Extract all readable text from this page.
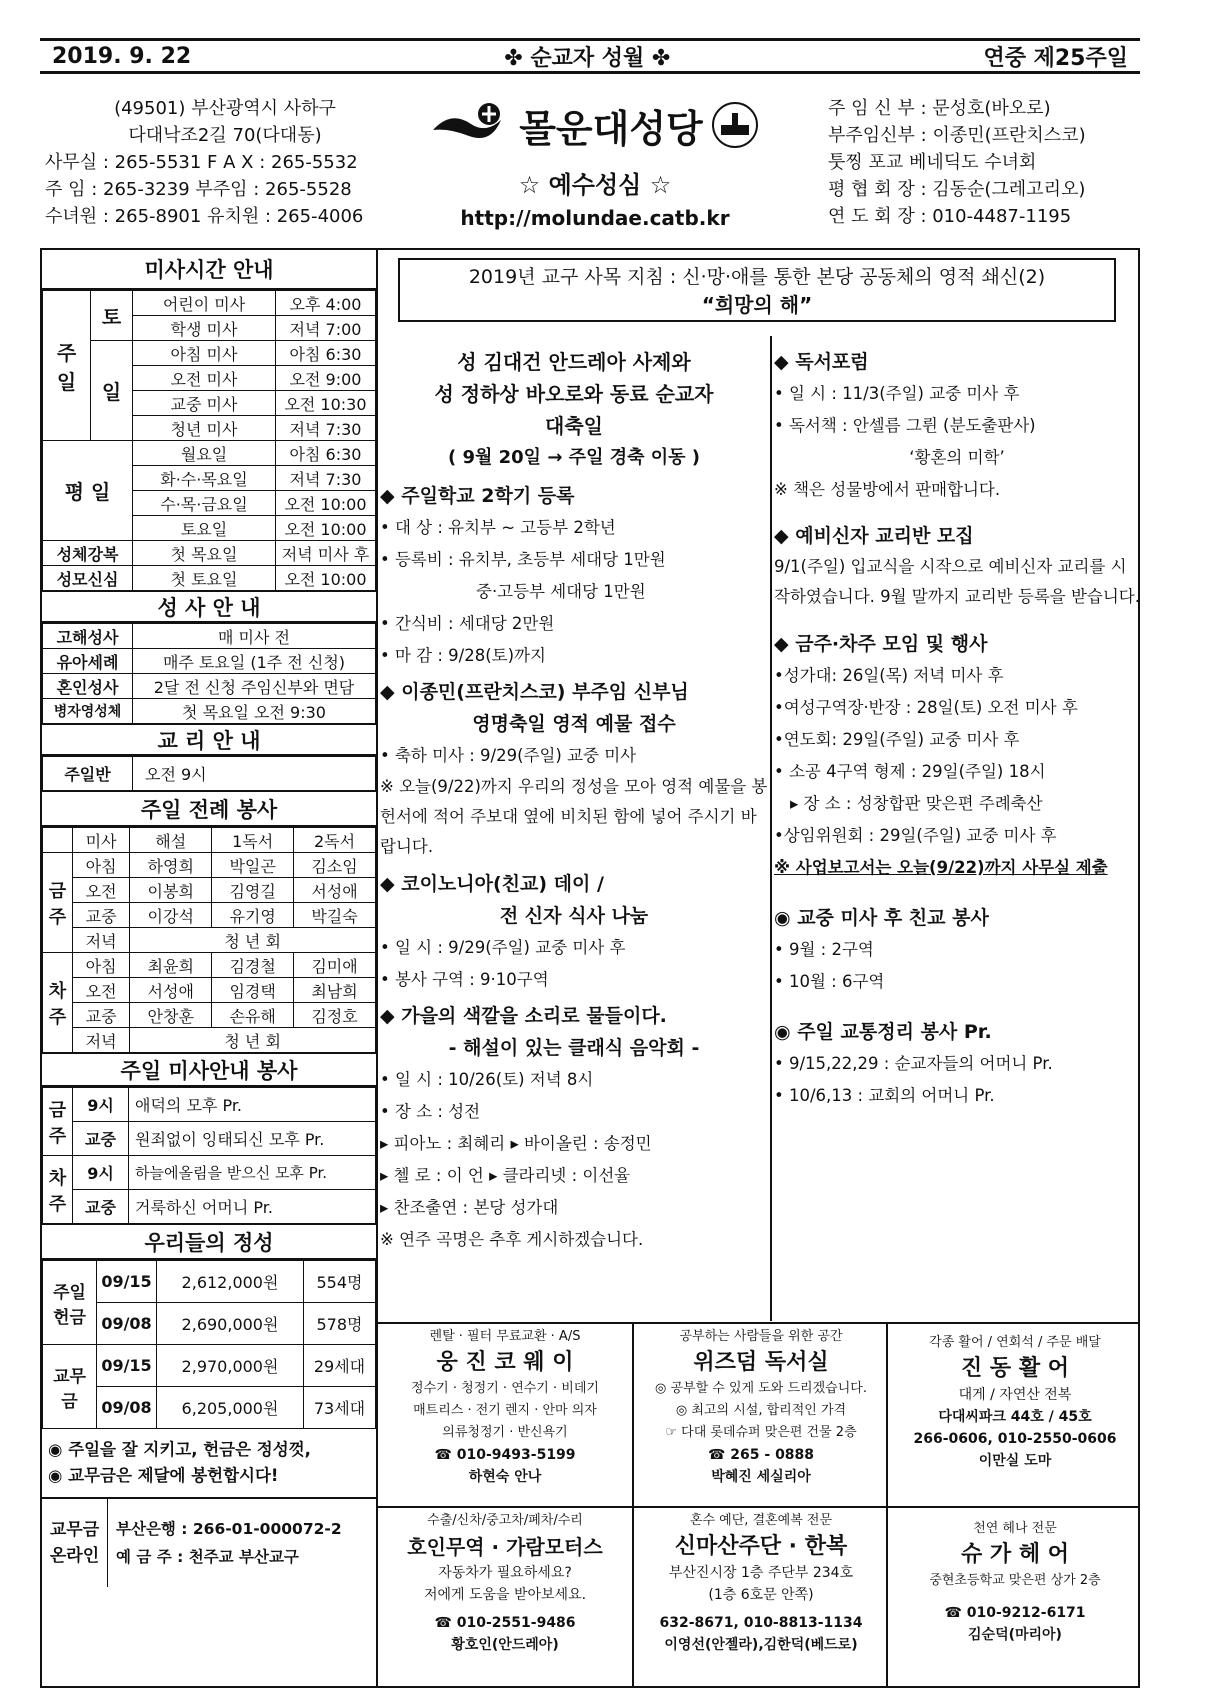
2019. 9. 22	✤ 순교자 성월 ✤	연중 제25주일
(49501) 부산광역시 사하구
다대낙조2길 70(다대동)
사무실 : 265-5531 F A X : 265-5532
주 임 : 265-3239 부주임 : 265-5528
수녀원 : 265-8901 유치원 : 265-4006
몰운대성당
☆ 예수성심 ☆
http://molundae.catb.kr
주 임 신 부 : 문성호(바오로)
부주임신부 : 이종민(프란치스코)
툿찡 포교 베네딕도 수녀회
평 협 회 장 : 김동순(그레고리오)
연 도 회 장 : 010-4487-1195
미사시간 안내
주 일	토	어린이 미사	오후 4:00
		학생 미사	저녁 7:00
	일	아침 미사	아침 6:30
		오전 미사	오전 9:00
		교중 미사	오전 10:30
		청년 미사	저녁 7:30
평 일		월요일	아침 6:30
		화·수·목요일	저녁 7:30
		수·목·금요일	오전 10:00
		토요일	오전 10:00
성체강복		첫 목요일	저녁 미사 후
성모신심		첫 토요일	오전 10:00
성 사 안 내
고해성사	매 미사 전
유아세례	매주 토요일 (1주 전 신청)
혼인성사	2달 전 신청 주임신부와 면담
병자영성체	첫 목요일 오전 9:30
교 리 안 내
주일반	오전 9시
주일 전례 봉사
	미사	해설	1독서	2독서
금주	아침	하영희	박일곤	김소임
	오전	이봉희	김영길	서성애
	교중	이강석	유기영	박길숙
	저녁	청 년 회		
차주	아침	최윤희	김경철	김미애
	오전	서성애	임경택	최남희
	교중	안창훈	손유해	김정호
	저녁	청 년 회		
주일 미사안내 봉사
금주	9시	애덕의 모후 Pr.
	교중	원죄없이 잉태되신 모후 Pr.
차주	9시	하늘에올림을 받으신 모후 Pr.
	교중	거룩하신 어머니 Pr.
우리들의 정성
주일 헌금	09/15	2,612,000원	554명
	09/08	2,690,000원	578명
교무금	09/15	2,970,000원	29세대
	09/08	6,205,000원	73세대
◉ 주일을 잘 지키고, 헌금은 정성껏,
◉ 교무금은 제달에 봉헌합시다!
교무금 온라인
부산은행 : 266-01-000072-2
예 금 주 : 천주교 부산교구
2019년 교구 사목 지침 : 신·망·애를 통한 본당 공동체의 영적 쇄신(2)
“희망의 해”
성 김대건 안드레아 사제와
성 정하상 바오로와 동료 순교자
대축일
( 9월 20일 → 주일 경축 이동 )
◆ 주일학교 2학기 등록
• 대 상 : 유치부 ~ 고등부 2학년
• 등록비 : 유치부, 초등부 세대당 1만원
중·고등부 세대당 1만원
• 간식비 : 세대당 2만원
• 마 감 : 9/28(토)까지
◆ 이종민(프란치스코) 부주임 신부님
영명축일 영적 예물 접수
• 축하 미사 : 9/29(주일) 교중 미사
※ 오늘(9/22)까지 우리의 정성을 모아 영적 예물을 봉헌서에 적어 주보대 옆에 비치된 함에 넣어 주시기 바랍니다.
◆ 코이노니아(친교) 데이 /
전 신자 식사 나눔
• 일 시 : 9/29(주일) 교중 미사 후
• 봉사 구역 : 9·10구역
◆ 가을의 색깔을 소리로 물들이다.
- 해설이 있는 클래식 음악회 -
• 일 시 : 10/26(토) 저녁 8시
• 장 소 : 성전
▸ 피아노 : 최혜리 ▸ 바이올린 : 송정민
▸ 첼 로 : 이 언 ▸ 클라리넷 : 이선율
▸ 찬조출연 : 본당 성가대
※ 연주 곡명은 추후 게시하겠습니다.
◆ 독서포럼
• 일 시 : 11/3(주일) 교중 미사 후
• 독서책 : 안셀름 그륀 (분도출판사)
‘황혼의 미학’
※ 책은 성물방에서 판매합니다.
◆ 예비신자 교리반 모집
9/1(주일) 입교식을 시작으로 예비신자 교리를 시작하였습니다. 9월 말까지 교리반 등록을 받습니다.
◆ 금주·차주 모임 및 행사
•성가대: 26일(목) 저녁 미사 후
•여성구역장·반장 : 28일(토) 오전 미사 후
•연도회: 29일(주일) 교중 미사 후
• 소공 4구역 형제 : 29일(주일) 18시
▸ 장 소 : 성창합판 맞은편 주례축산
•상임위원회 : 29일(주일) 교중 미사 후
※ 사업보고서는 오늘(9/22)까지 사무실 제출
◉ 교중 미사 후 친교 봉사
• 9월 : 2구역
• 10월 : 6구역
◉ 주일 교통정리 봉사 Pr.
• 9/15,22,29 : 순교자들의 어머니 Pr.
• 10/6,13 : 교회의 어머니 Pr.
렌탈 · 필터 무료교환 · A/S
웅 진 코 웨 이
정수기 · 청정기 · 연수기 · 비데기
매트리스 · 전기 렌지 · 안마 의자
의류청정기 · 반신욕기
☎ 010-9493-5199
하현숙 안나
공부하는 사람들을 위한 공간
위즈덤 독서실
◎ 공부할 수 있게 도와 드리겠습니다.
◎ 최고의 시설, 합리적인 가격
☞ 다대 롯데슈퍼 맞은편 건물 2층
☎ 265 - 0888
박혜진 세실리아
각종 활어 / 연회석 / 주문 배달
진 동 활 어
대게 / 자연산 전복
다대씨파크 44호 / 45호
266-0606, 010-2550-0606
이만실 도마
수출/신차/중고차/폐차/수리
호인무역 · 가람모터스
자동차가 필요하세요?
저에게 도움을 받아보세요.
☎ 010-2551-9486
황호인(안드레아)
혼수 예단, 결혼예복 전문
신마산주단 · 한복
부산진시장 1층 주단부 234호
(1층 6호문 안쪽)
632-8671, 010-8813-1134
이영선(안젤라),김한덕(베드로)
천연 헤나 전문
슈 가 헤 어
중현초등학교 맞은편 상가 2층
☎ 010-9212-6171
김순덕(마리아)
